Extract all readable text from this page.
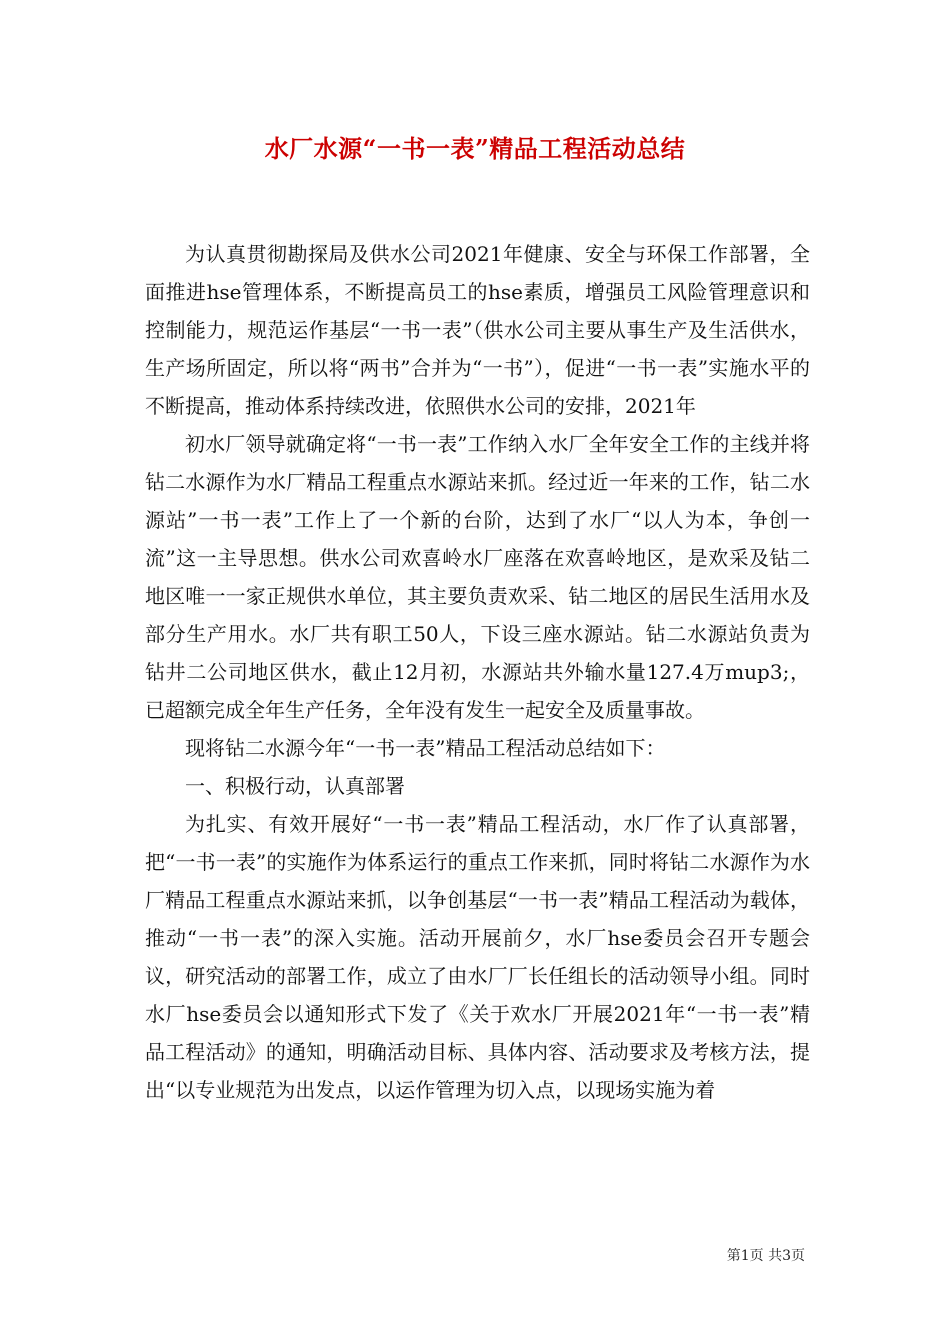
水厂水源“一书一表”精品工程活动总结

为认真贯彻勘探局及供水公司2021年健康、安全与环保工作部署，全面推进hse管理体系，不断提高员工的hse素质，增强员工风险管理意识和控制能力，规范运作基层“一书一表”（供水公司主要从事生产及生活供水，生产场所固定，所以将“两书”合并为“一书”），促进“一书一表”实施水平的不断提高，推动体系持续改进，依照供水公司的安排，2021年

初水厂领导就确定将“一书一表”工作纳入水厂全年安全工作的主线并将钻二水源作为水厂精品工程重点水源站来抓。经过近一年来的工作，钻二水源站”一书一表”工作上了一个新的台阶，达到了水厂“以人为本，争创一流”这一主导思想。供水公司欢喜岭水厂座落在欢喜岭地区，是欢采及钻二地区唯一一家正规供水单位，其主要负责欢采、钻二地区的居民生活用水及部分生产用水。水厂共有职工50人，下设三座水源站。钻二水源站负责为钻井二公司地区供水，截止12月初，水源站共外输水量127.4万mup3;，已超额完成全年生产任务，全年没有发生一起安全及质量事故。

现将钻二水源今年“一书一表”精品工程活动总结如下：

一、积极行动，认真部署

为扎实、有效开展好“一书一表”精品工程活动，水厂作了认真部署，把“一书一表”的实施作为体系运行的重点工作来抓，同时将钻二水源作为水厂精品工程重点水源站来抓，以争创基层“一书一表”精品工程活动为载体，推动“一书一表”的深入实施。活动开展前夕，水厂hse委员会召开专题会议，研究活动的部署工作，成立了由水厂厂长任组长的活动领导小组。同时水厂hse委员会以通知形式下发了《关于欢水厂开展2021年“一书一表”精品工程活动》的通知，明确活动目标、具体内容、活动要求及考核方法，提出“以专业规范为出发点，以运作管理为切入点，以现场实施为着

第1页 共3页
